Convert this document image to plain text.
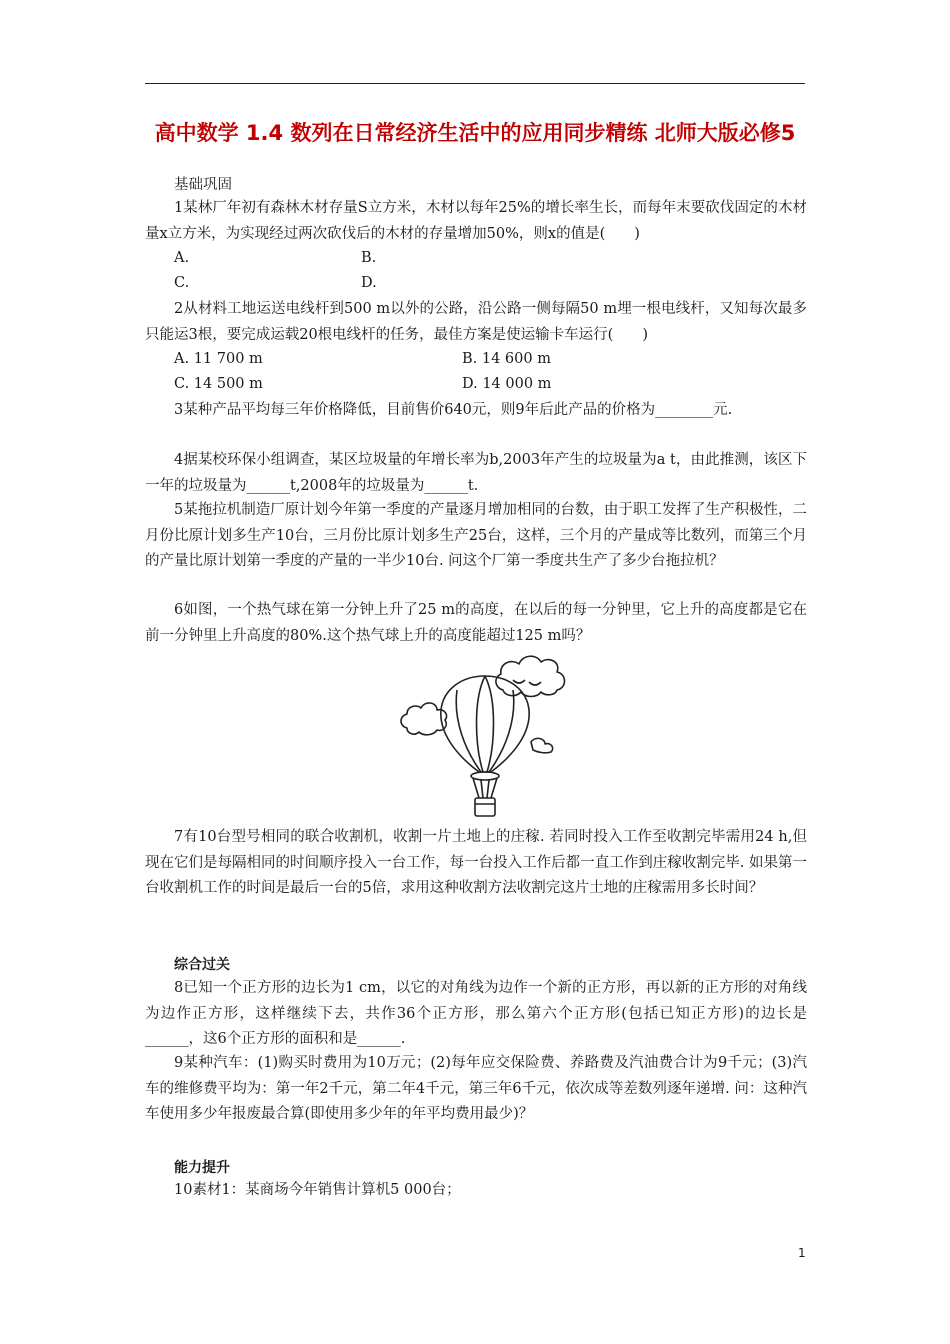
高中数学 1.4 数列在日常经济生活中的应用同步精练 北师大版必修5
基础巩固
1某林厂年初有森林木材存量S立方米，木材以每年25%的增长率生长，而每年末要砍伐固定的木材量x立方米，为实现经过两次砍伐后的木材的存量增加50%，则x的值是(　　)
A.	B.
C.	D.
2从材料工地运送电线杆到500 m以外的公路，沿公路一侧每隔50 m埋一根电线杆，又知每次最多只能运3根，要完成运载20根电线杆的任务，最佳方案是使运输卡车运行(　　)
A. 11 700 m	B. 14 600 m
C. 14 500 m	D. 14 000 m
3某种产品平均每三年价格降低，目前售价640元，则9年后此产品的价格为________元.
4据某校环保小组调查，某区垃圾量的年增长率为b,2003年产生的垃圾量为a t，由此推测，该区下一年的垃圾量为______t,2008年的垃圾量为______t.
5某拖拉机制造厂原计划今年第一季度的产量逐月增加相同的台数，由于职工发挥了生产积极性，二月份比原计划多生产10台，三月份比原计划多生产25台，这样，三个月的产量成等比数列，而第三个月的产量比原计划第一季度的产量的一半少10台. 问这个厂第一季度共生产了多少台拖拉机？
6如图，一个热气球在第一分钟上升了25 m的高度，在以后的每一分钟里，它上升的高度都是它在前一分钟里上升高度的80%.这个热气球上升的高度能超过125 m吗？
7有10台型号相同的联合收割机，收割一片土地上的庄稼. 若同时投入工作至收割完毕需用24 h,但现在它们是每隔相同的时间顺序投入一台工作，每一台投入工作后都一直工作到庄稼收割完毕. 如果第一台收割机工作的时间是最后一台的5倍，求用这种收割方法收割完这片土地的庄稼需用多长时间？
综合过关
8已知一个正方形的边长为1 cm，以它的对角线为边作一个新的正方形，再以新的正方形的对角线为边作正方形，这样继续下去，共作36个正方形，那么第六个正方形(包括已知正方形)的边长是______，这6个正方形的面积和是______.
9某种汽车：(1)购买时费用为10万元；(2)每年应交保险费、养路费及汽油费合计为9千元；(3)汽车的维修费平均为：第一年2千元，第二年4千元，第三年6千元，依次成等差数列逐年递增. 问：这种汽车使用多少年报废最合算(即使用多少年的年平均费用最少)？
能力提升
10素材1：某商场今年销售计算机5 000台；
1
